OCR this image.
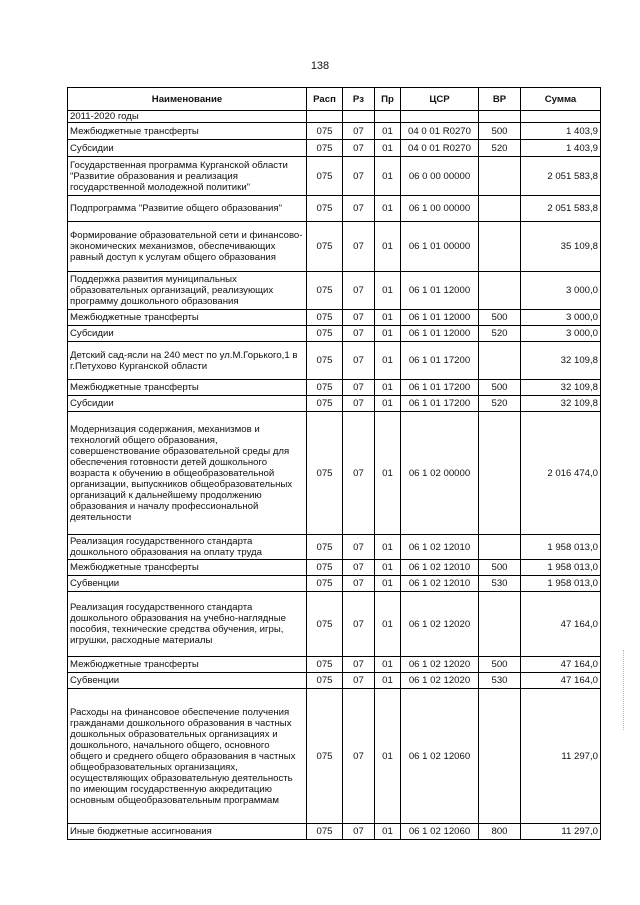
138
Наименование	Расп	Рз	Пр	ЦСР	ВР	Сумма
2011-2020 годы						
Межбюджетные трансферты	075	07	01	04 0 01 R0270	500	1 403,9
Субсидии	075	07	01	04 0 01 R0270	520	1 403,9
Государственная программа Курганской области "Развитие образования и реализация государственной молодежной политики"	075	07	01	06 0 00 00000		2 051 583,8
Подпрограмма "Развитие общего образования"	075	07	01	06 1 00 00000		2 051 583,8
Формирование образовательной сети и финансово-экономических механизмов, обеспечивающих равный доступ к услугам общего образования	075	07	01	06 1 01 00000		35 109,8
Поддержка развития муниципальных образовательных организаций, реализующих программу дошкольного образования	075	07	01	06 1 01 12000		3 000,0
Межбюджетные трансферты	075	07	01	06 1 01 12000	500	3 000,0
Субсидии	075	07	01	06 1 01 12000	520	3 000,0
Детский сад-ясли на 240 мест по ул.М.Горького,1 в г.Петухово Курганской области	075	07	01	06 1 01 17200		32 109,8
Межбюджетные трансферты	075	07	01	06 1 01 17200	500	32 109,8
Субсидии	075	07	01	06 1 01 17200	520	32 109,8
Модернизация содержания, механизмов и технологий общего образования, совершенствование образовательной среды для обеспечения готовности детей дошкольного возраста к обучению в общеобразовательной организации, выпускников общеобразовательных организаций к дальнейшему продолжению образования и началу профессиональной деятельности	075	07	01	06 1 02 00000		2 016 474,0
Реализация государственного стандарта дошкольного образования на оплату труда	075	07	01	06 1 02 12010		1 958 013,0
Межбюджетные трансферты	075	07	01	06 1 02 12010	500	1 958 013,0
Субвенции	075	07	01	06 1 02 12010	530	1 958 013,0
Реализация государственного стандарта дошкольного образования на учебно-наглядные пособия, технические средства обучения, игры, игрушки, расходные материалы	075	07	01	06 1 02 12020		47 164,0
Межбюджетные трансферты	075	07	01	06 1 02 12020	500	47 164,0
Субвенции	075	07	01	06 1 02 12020	530	47 164,0
Расходы на финансовое обеспечение получения гражданами дошкольного образования в частных дошкольных образовательных организациях и дошкольного, начального общего, основного общего и среднего общего образования в частных общеобразовательных организациях, осуществляющих образовательную деятельность по имеющим государственную аккредитацию основным общеобразовательным программам	075	07	01	06 1 02 12060		11 297,0
Иные бюджетные ассигнования	075	07	01	06 1 02 12060	800	11 297,0
